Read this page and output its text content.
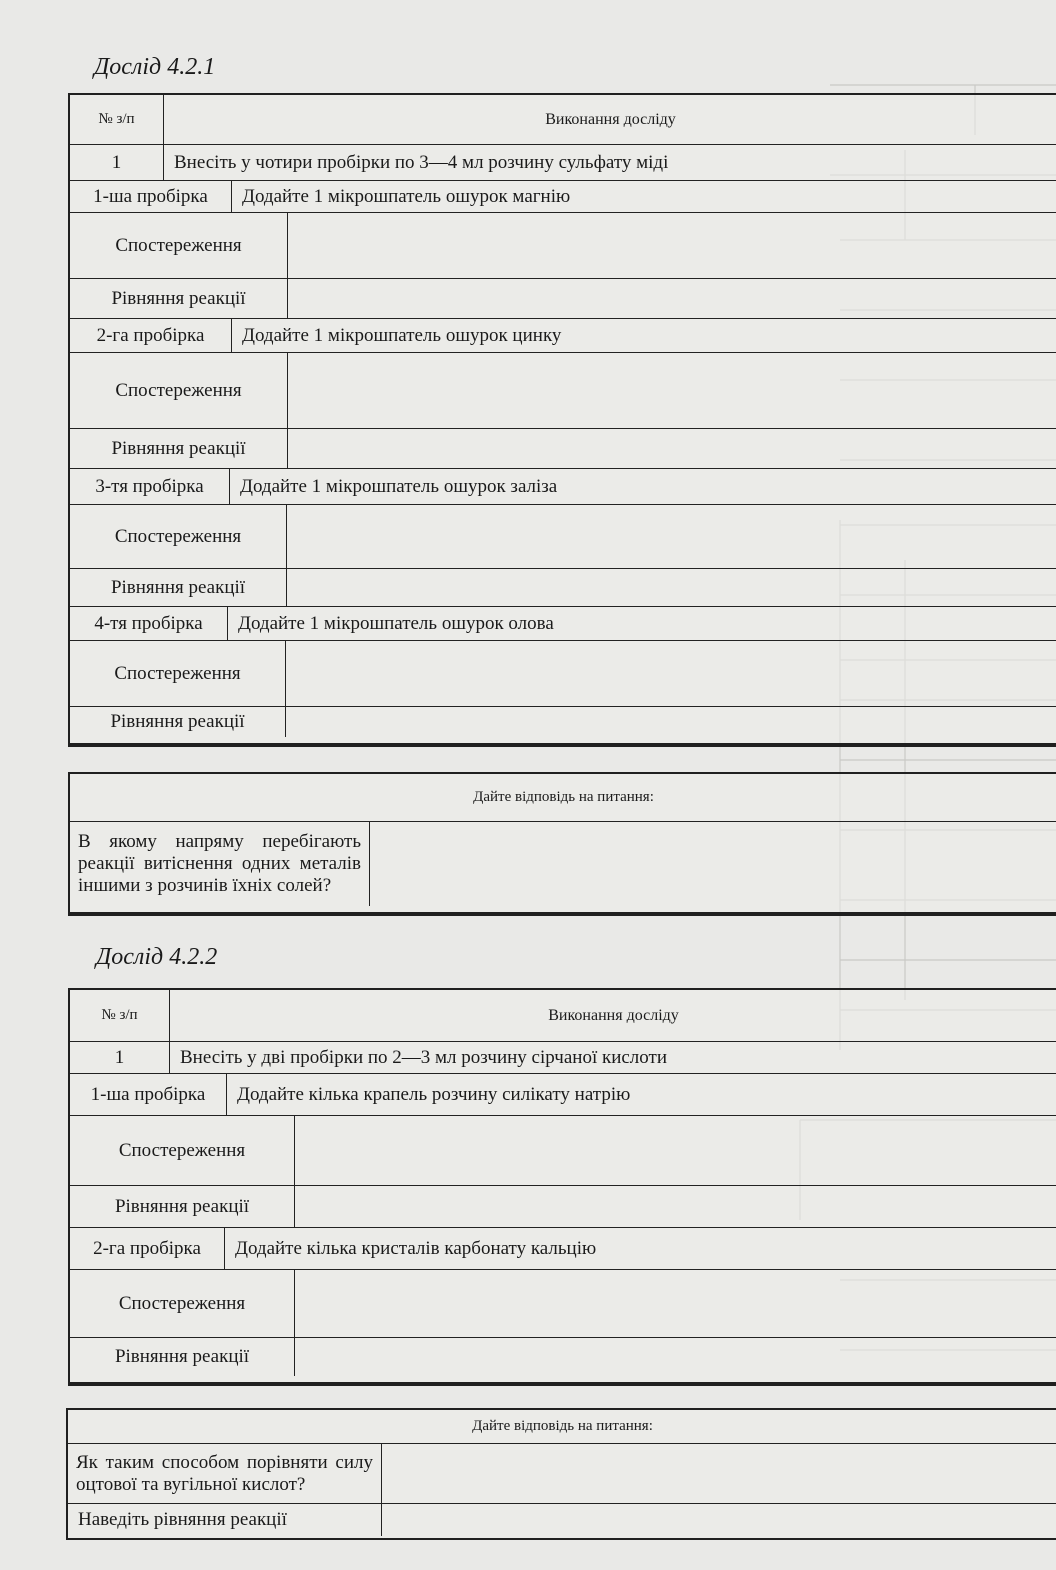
Дослід 4.2.1
№ з/п	Виконання досліду
1	Внесіть у чотири пробірки по 3—4 мл розчину сульфату міді
1-ша пробірка	Додайте 1 мікрошпатель ошурок магнію
Спостереження
Рівняння реакції
2-га пробірка	Додайте 1 мікрошпатель ошурок цинку
Спостереження
Рівняння реакції
3-тя пробірка	Додайте 1 мікрошпатель ошурок заліза
Спостереження
Рівняння реакції
4-тя пробірка	Додайте 1 мікрошпатель ошурок олова
Спостереження
Рівняння реакції
Дайте відповідь на питання:
В якому напряму перебігають реакції витіснення одних металів іншими з розчинів їхніх солей?
Дослід 4.2.2
№ з/п	Виконання досліду
1	Внесіть у дві пробірки по 2—3 мл розчину сірчаної кислоти
1-ша пробірка	Додайте кілька крапель розчину силікату натрію
Спостереження
Рівняння реакції
2-га пробірка	Додайте кілька кристалів карбонату кальцію
Спостереження
Рівняння реакції
Дайте відповідь на питання:
Як таким способом порівняти силу оцтової та вугільної кислот?
Наведіть рівняння реакції
